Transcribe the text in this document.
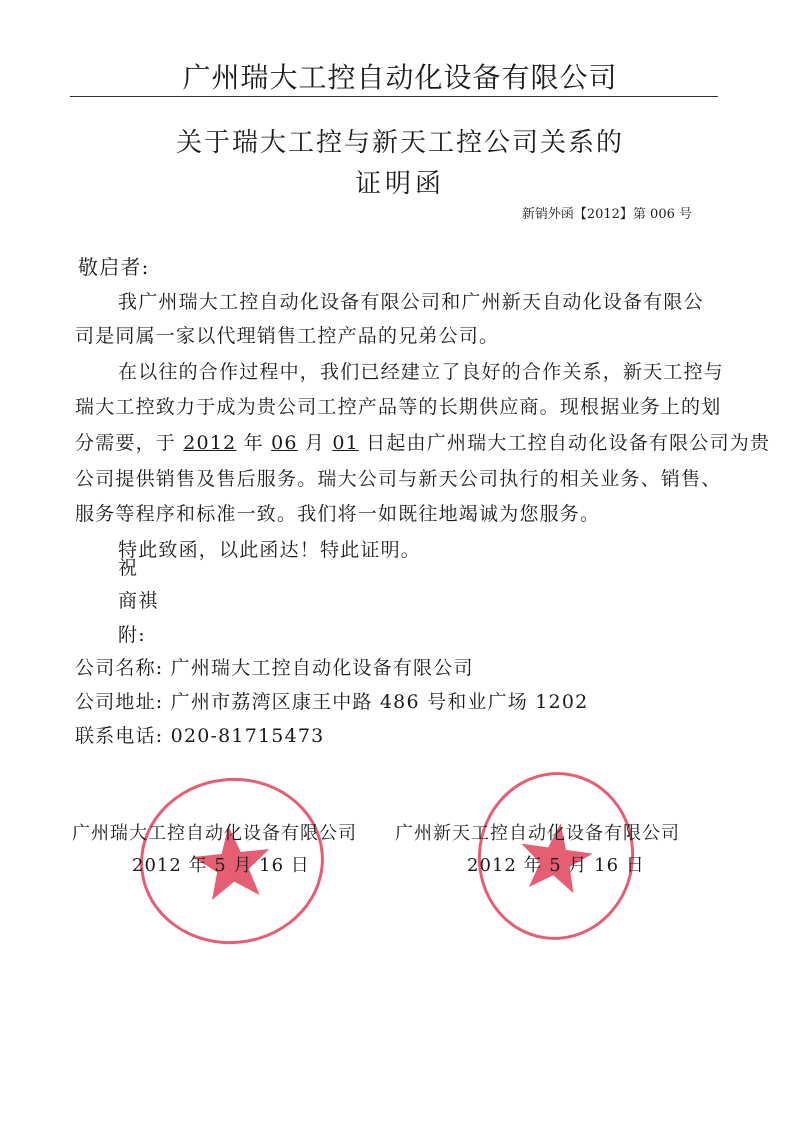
广州瑞大工控自动化设备有限公司
关于瑞大工控与新天工控公司关系的
证明函
新销外函【2012】第 006 号
敬启者:
我广州瑞大工控自动化设备有限公司和广州新天自动化设备有限公
司是同属一家以代理销售工控产品的兄弟公司。
在以往的合作过程中，我们已经建立了良好的合作关系，新天工控与
瑞大工控致力于成为贵公司工控产品等的长期供应商。现根据业务上的划
分需要，于 2012 年 06 月 01 日起由广州瑞大工控自动化设备有限公司为贵
公司提供销售及售后服务。瑞大公司与新天公司执行的相关业务、销售、
服务等程序和标准一致。我们将一如既往地竭诚为您服务。
特此致函，以此函达！特此证明。
祝
商祺
附:
公司名称: 广州瑞大工控自动化设备有限公司
公司地址: 广州市荔湾区康王中路 486 号和业广场 1202
联系电话: 020-81715473
广州瑞大工控自动化设备有限公司
2012 年 5 月 16 日
广州新天工控自动化设备有限公司
2012 年 5 月 16 日
